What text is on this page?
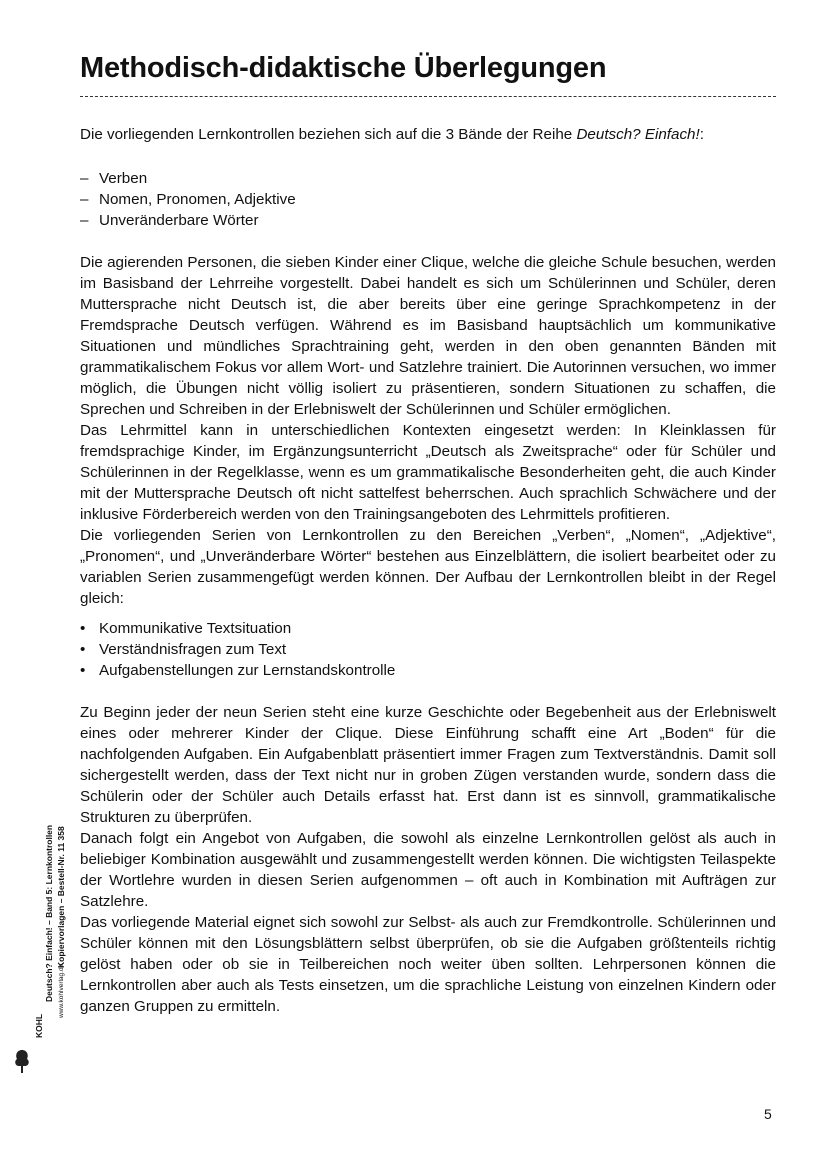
Methodisch-didaktische Überlegungen

Die vorliegenden Lernkontrollen beziehen sich auf die 3 Bände der Reihe Deutsch? Einfach!:

– Verben
– Nomen, Pronomen, Adjektive
– Unveränderbare Wörter

Die agierenden Personen, die sieben Kinder einer Clique, welche die gleiche Schule besuchen, werden im Basisband der Lehrreihe vorgestellt. Dabei handelt es sich um Schülerinnen und Schüler, deren Muttersprache nicht Deutsch ist, die aber bereits über eine geringe Sprachkompetenz in der Fremdsprache Deutsch verfügen. Während es im Basisband hauptsächlich um kommunikative Situationen und mündliches Sprachtraining geht, werden in den oben genannten Bänden mit grammatikalischem Fokus vor allem Wort- und Satzlehre trainiert. Die Autorinnen versuchen, wo immer möglich, die Übungen nicht völlig isoliert zu präsentieren, sondern Situationen zu schaffen, die Sprechen und Schreiben in der Erlebniswelt der Schülerinnen und Schüler ermöglichen.

Das Lehrmittel kann in unterschiedlichen Kontexten eingesetzt werden: In Kleinklassen für fremdsprachige Kinder, im Ergänzungsunterricht „Deutsch als Zweitsprache“ oder für Schüler und Schülerinnen in der Regelklasse, wenn es um grammatikalische Besonderheiten geht, die auch Kinder mit der Muttersprache Deutsch oft nicht sattelfest beherrschen. Auch sprachlich Schwächere und der inklusive Förderbereich werden von den Trainingsangeboten des Lehrmittels profitieren.

Die vorliegenden Serien von Lernkontrollen zu den Bereichen „Verben“, „Nomen“, „Adjektive“, „Pronomen“, und „Unveränderbare Wörter“ bestehen aus Einzelblättern, die isoliert bearbeitet oder zu variablen Serien zusammengefügt werden können. Der Aufbau der Lernkontrollen bleibt in der Regel gleich:

• Kommunikative Textsituation
• Verständnisfragen zum Text
• Aufgabenstellungen zur Lernstandskontrolle

Zu Beginn jeder der neun Serien steht eine kurze Geschichte oder Begebenheit aus der Erlebniswelt eines oder mehrerer Kinder der Clique. Diese Einführung schafft eine Art „Boden“ für die nachfolgenden Aufgaben. Ein Aufgabenblatt präsentiert immer Fragen zum Textverständnis. Damit soll sichergestellt werden, dass der Text nicht nur in groben Zügen verstanden wurde, sondern dass die Schülerin oder der Schüler auch Details erfasst hat. Erst dann ist es sinnvoll, grammatikalische Strukturen zu überprüfen.

Danach folgt ein Angebot von Aufgaben, die sowohl als einzelne Lernkontrollen gelöst als auch in beliebiger Kombination ausgewählt und zusammengestellt werden können. Die wichtigsten Teilaspekte der Wortlehre wurden in diesen Serien aufgenommen – oft auch in Kombination mit Aufträgen zur Satzlehre.

Das vorliegende Material eignet sich sowohl zur Selbst- als auch zur Fremdkontrolle. Schülerinnen und Schüler können mit den Lösungsblättern selbst überprüfen, ob sie die Aufgaben größtenteils richtig gelöst haben oder ob sie in Teilbereichen noch weiter üben sollten. Lehrpersonen können die Lernkontrollen aber auch als Tests einsetzen, um die sprachliche Leistung von einzelnen Kindern oder ganzen Gruppen zu ermitteln.

www.kohlverlag.de
KOHL
Deutsch? Einfach! – Band 5: Lernkontrollen Kopiervorlagen – Bestell-Nr. 11 358
5
